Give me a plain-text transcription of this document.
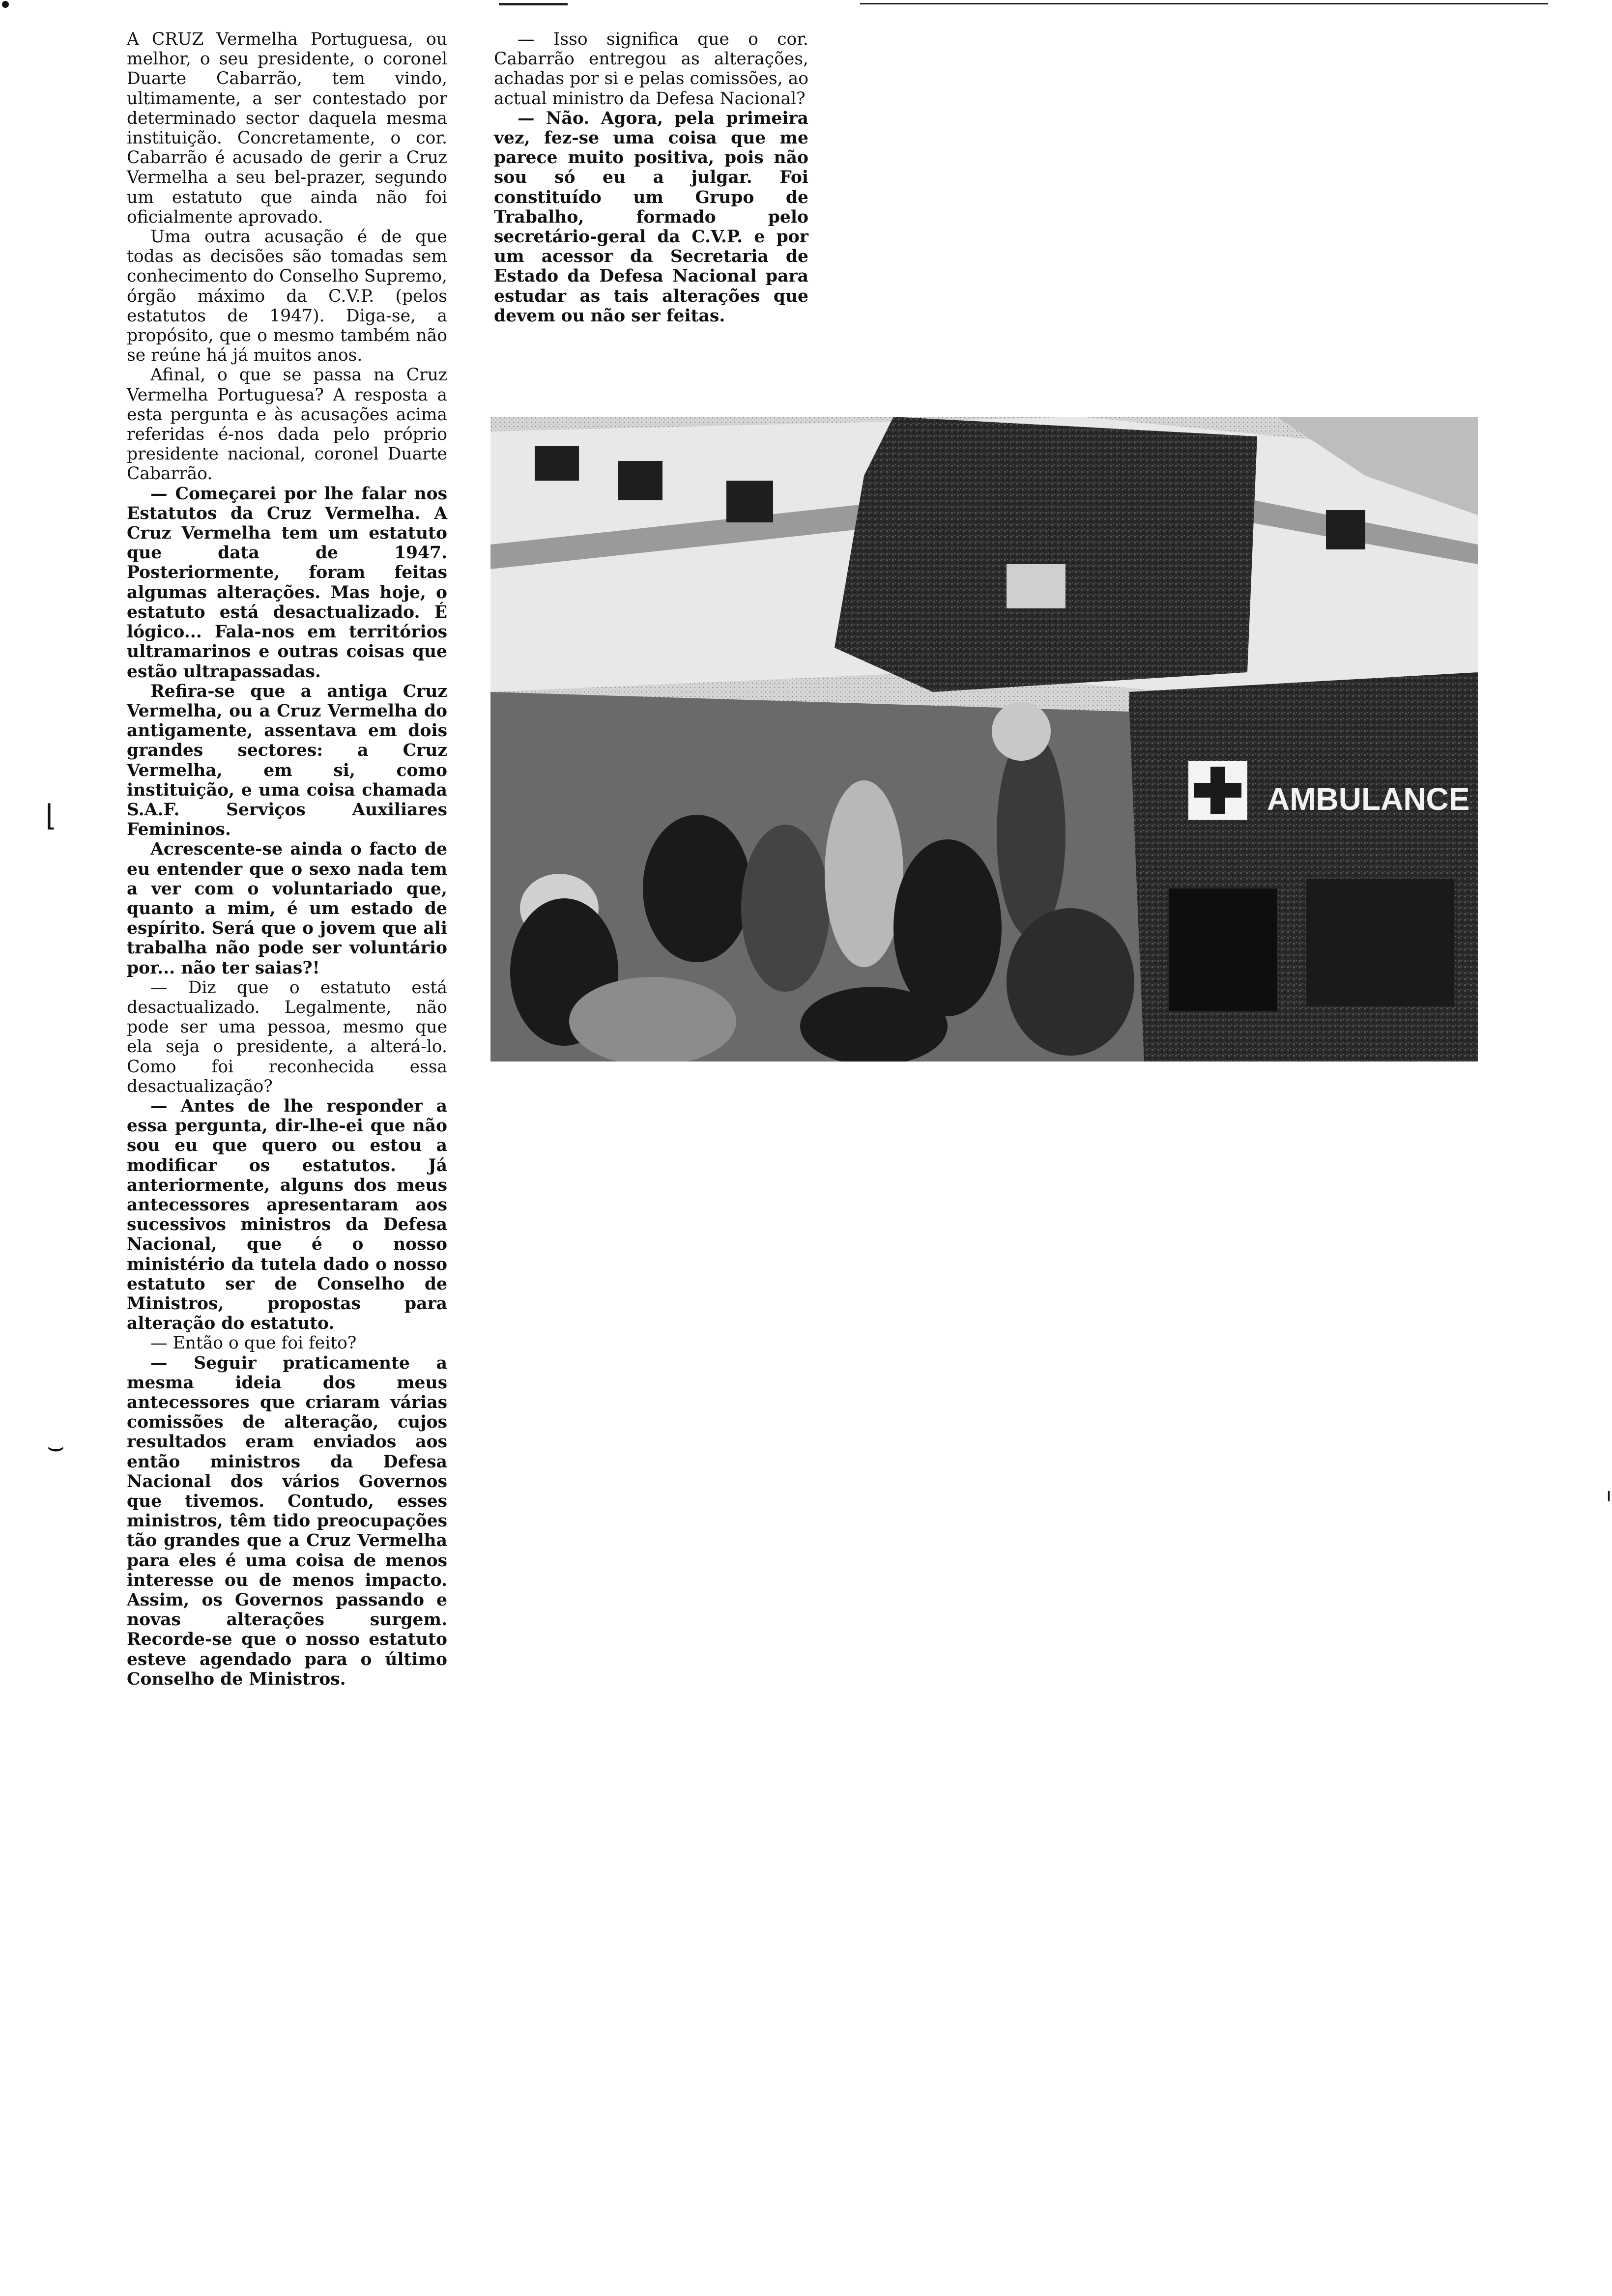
⌊
⌣
ı

A CRUZ Vermelha Portuguesa, ou melhor, o seu presidente, o coronel Duarte Cabarrão, tem vindo, ultimamente, a ser contestado por determinado sector daquela mesma instituição. Concretamente, o cor. Cabarrão é acusado de gerir a Cruz Vermelha a seu bel-prazer, segundo um estatuto que ainda não foi oficialmente aprovado.

Uma outra acusação é de que todas as decisões são tomadas sem conhecimento do Conselho Supremo, órgão máximo da C.V.P. (pelos estatutos de 1947). Diga-se, a propósito, que o mesmo também não se reúne há já muitos anos.

Afinal, o que se passa na Cruz Vermelha Portuguesa? A resposta a esta pergunta e às acusações acima referidas é-nos dada pelo próprio presidente nacional, coronel Duarte Cabarrão.

— Começarei por lhe falar nos Estatutos da Cruz Vermelha. A Cruz Vermelha tem um estatuto que data de 1947. Posteriormente, foram feitas algumas alterações. Mas hoje, o estatuto está desactualizado. É lógico... Fala-nos em territórios ultramarinos e outras coisas que estão ultrapassadas.

Refira-se que a antiga Cruz Vermelha, ou a Cruz Vermelha do antigamente, assentava em dois grandes sectores: a Cruz Vermelha, em si, como instituição, e uma coisa chamada S.A.F. Serviços Auxiliares Femininos.

Acrescente-se ainda o facto de eu entender que o sexo nada tem a ver com o voluntariado que, quanto a mim, é um estado de espírito. Será que o jovem que ali trabalha não pode ser voluntário por... não ter saias?!

— Diz que o estatuto está desactualizado. Legalmente, não pode ser uma pessoa, mesmo que ela seja o presidente, a alterá-lo. Como foi reconhecida essa desactualização?

— Antes de lhe responder a essa pergunta, dir-lhe-ei que não sou eu que quero ou estou a modificar os estatutos. Já anteriormente, alguns dos meus antecessores apresentaram aos sucessivos ministros da Defesa Nacional, que é o nosso ministério da tutela dado o nosso estatuto ser de Conselho de Ministros, propostas para alteração do estatuto.

— Então o que foi feito?

— Seguir praticamente a mesma ideia dos meus antecessores que criaram várias comissões de alteração, cujos resultados eram enviados aos então ministros da Defesa Nacional dos vários Governos que tivemos. Contudo, esses ministros, têm tido preocupações tão grandes que a Cruz Vermelha para eles é uma coisa de menos interesse ou de menos impacto. Assim, os Governos passando e novas alterações surgem. Recorde-se que o nosso estatuto esteve agendado para o último Conselho de Ministros.

— Isso significa que o cor. Cabarrão entregou as alterações, achadas por si e pelas comissões, ao actual ministro da Defesa Nacional?

— Não. Agora, pela primeira vez, fez-se uma coisa que me parece muito positiva, pois não sou só eu a julgar. Foi constituído um Grupo de Trabalho, formado pelo secretário-geral da C.V.P. e por um acessor da Secretaria de Estado da Defesa Nacional para estudar as tais alterações que devem ou não ser feitas.

AMBULANCE
